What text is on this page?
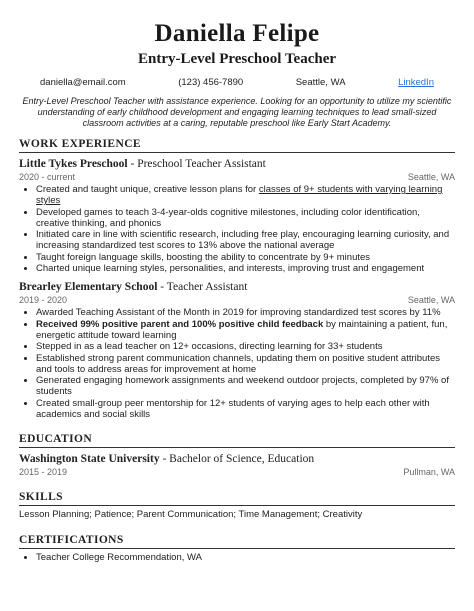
Daniella Felipe
Entry-Level Preschool Teacher
daniella@email.com	(123) 456-7890	Seattle, WA	LinkedIn
Entry-Level Preschool Teacher with assistance experience. Looking for an opportunity to utilize my scientific understanding of early childhood development and engaging learning techniques to lead small-sized classroom activities at a caring, reputable preschool like Early Start Academy.
WORK EXPERIENCE
Little Tykes Preschool - Preschool Teacher Assistant
2020 - current	Seattle, WA
• Created and taught unique, creative lesson plans for classes of 9+ students with varying learning styles
• Developed games to teach 3-4-year-olds cognitive milestones, including color identification, creative thinking, and phonics
• Initiated care in line with scientific research, including free play, encouraging learning curiosity, and increasing standardized test scores to 13% above the national average
• Taught foreign language skills, boosting the ability to concentrate by 9+ minutes
• Charted unique learning styles, personalities, and interests, improving trust and engagement
Brearley Elementary School - Teacher Assistant
2019 - 2020	Seattle, WA
• Awarded Teaching Assistant of the Month in 2019 for improving standardized test scores by 11%
• Received 99% positive parent and 100% positive child feedback by maintaining a patient, fun, energetic attitude toward learning
• Stepped in as a lead teacher on 12+ occasions, directing learning for 33+ students
• Established strong parent communication channels, updating them on positive student attributes and tools to address areas for improvement at home
• Generated engaging homework assignments and weekend outdoor projects, completed by 97% of students
• Created small-group peer mentorship for 12+ students of varying ages to help each other with academics and social skills
EDUCATION
Washington State University - Bachelor of Science, Education
2015 - 2019	Pullman, WA
SKILLS
Lesson Planning; Patience; Parent Communication; Time Management; Creativity
CERTIFICATIONS
• Teacher College Recommendation, WA
